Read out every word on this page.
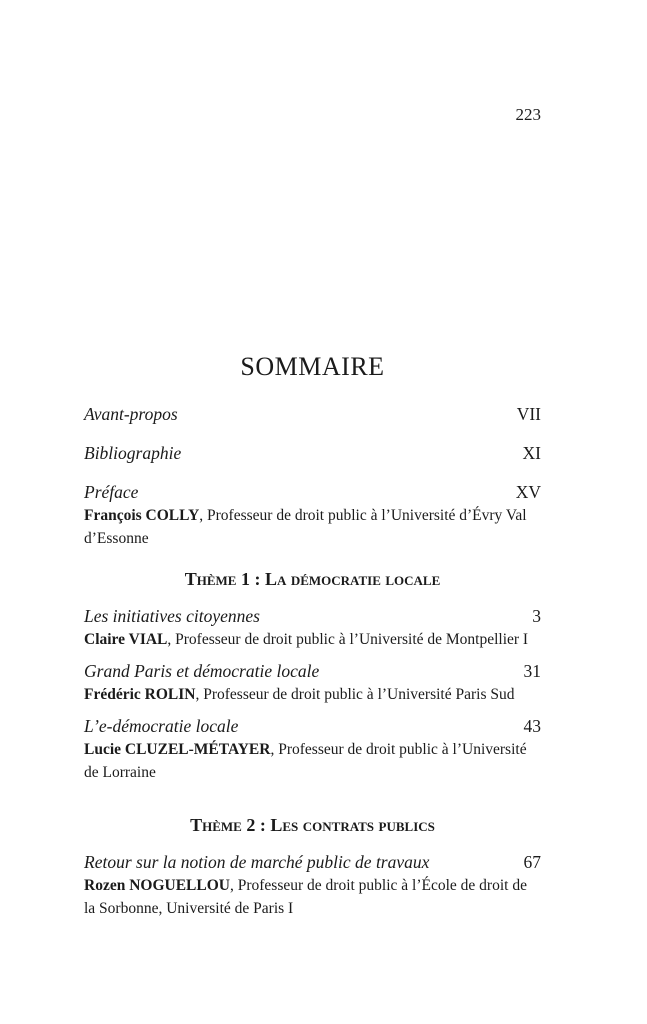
223
SOMMAIRE
Avant-propos	VII
Bibliographie	XI
Préface	XV

François COLLY, Professeur de droit public à l’Université d’Évry Val d’Essonne

Thème 1 : La démocratie locale
Les initiatives citoyennes	3

Claire VIAL, Professeur de droit public à l’Université de Montpellier I

Grand Paris et démocratie locale	31

Frédéric ROLIN, Professeur de droit public à l’Université Paris Sud

L’e-démocratie locale	43

Lucie CLUZEL-MÉTAYER, Professeur de droit public à l’Université de Lorraine

Thème 2 : Les contrats publics
Retour sur la notion de marché public de travaux	67

Rozen NOGUELLOU, Professeur de droit public à l’École de droit de la Sorbonne, Université de Paris I
